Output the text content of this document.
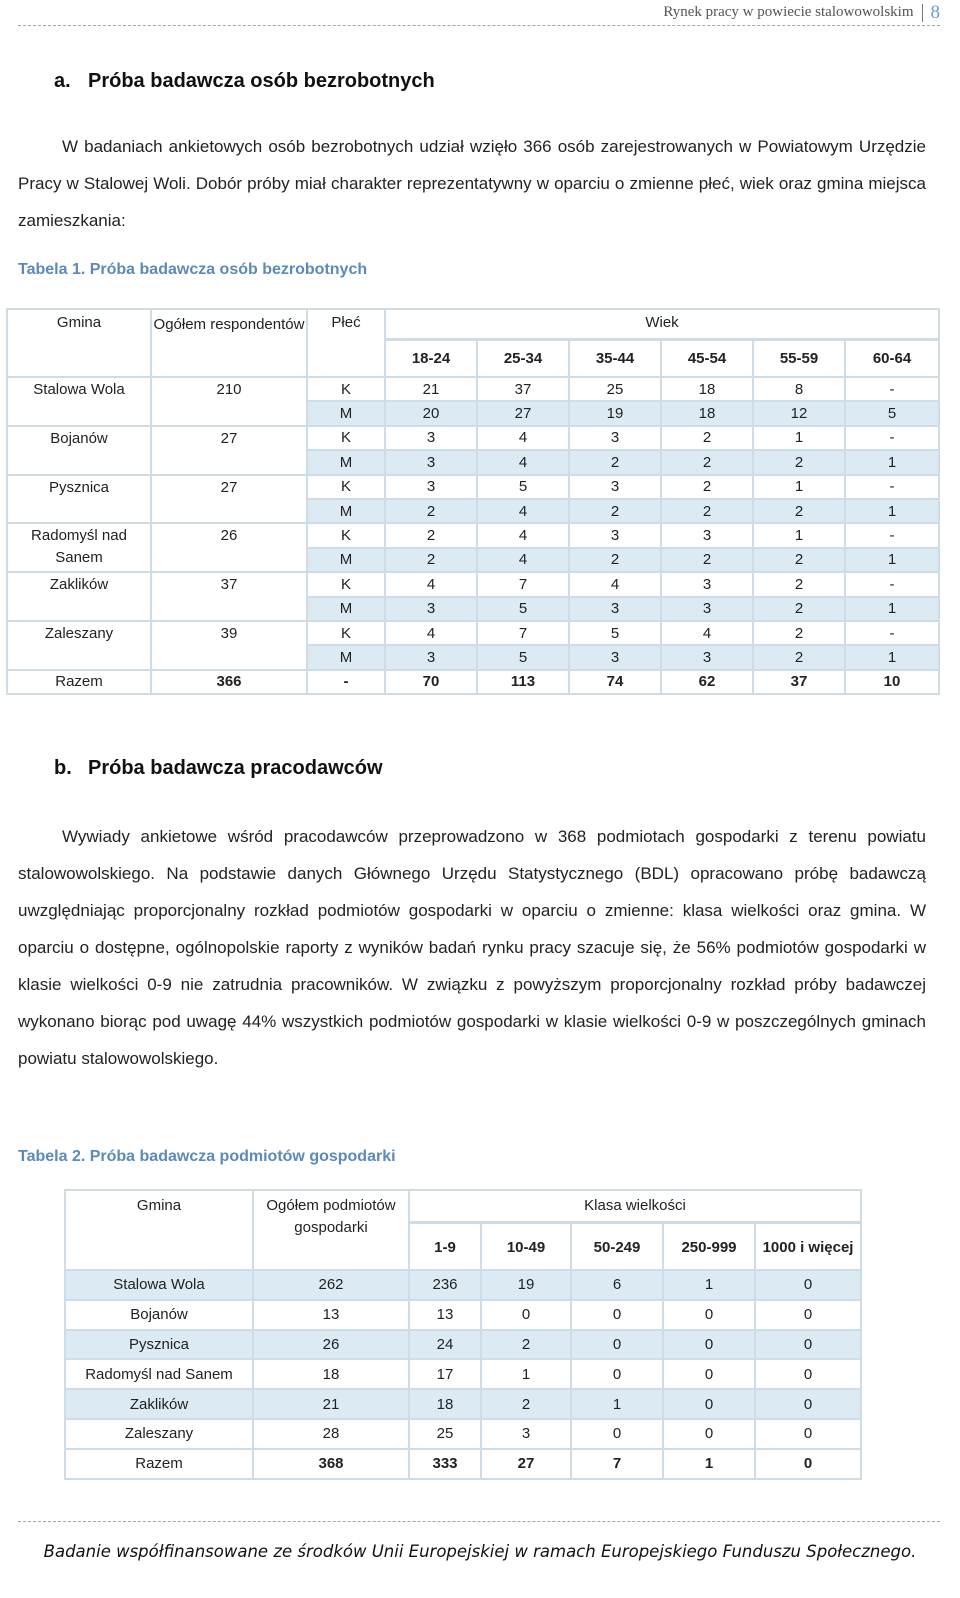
Rynek pracy w powiecie stalowowolskim 8
a. Próba badawcza osób bezrobotnych

W badaniach ankietowych osób bezrobotnych udział wzięło 366 osób zarejestrowanych w Powiatowym Urzędzie Pracy w Stalowej Woli. Dobór próby miał charakter reprezentatywny w oparciu o zmienne płeć, wiek oraz gmina miejsca zamieszkania:

Tabela 1. Próba badawcza osób bezrobotnych
Gmina	Ogółem respondentów	Płeć	Wiek					
			18-24	25-34	35-44	45-54	55-59	60-64
Stalowa Wola	210	K	21	37	25	18	8	-
		M	20	27	19	18	12	5
Bojanów	27	K	3	4	3	2	1	-
		M	3	4	2	2	2	1
Pysznica	27	K	3	5	3	2	1	-
		M	2	4	2	2	2	1
Radomyśl nad Sanem	26	K	2	4	3	3	1	-
		M	2	4	2	2	2	1
Zaklików	37	K	4	7	4	3	2	-
		M	3	5	3	3	2	1
Zaleszany	39	K	4	7	5	4	2	-
		M	3	5	3	3	2	1
Razem	366	-	70	113	74	62	37	10
b. Próba badawcza pracodawców

Wywiady ankietowe wśród pracodawców przeprowadzono w 368 podmiotach gospodarki z terenu powiatu stalowowolskiego. Na podstawie danych Głównego Urzędu Statystycznego (BDL) opracowano próbę badawczą uwzględniając proporcjonalny rozkład podmiotów gospodarki w oparciu o zmienne: klasa wielkości oraz gmina. W oparciu o dostępne, ogólnopolskie raporty z wyników badań rynku pracy szacuje się, że 56% podmiotów gospodarki w klasie wielkości 0-9 nie zatrudnia pracowników. W związku z powyższym proporcjonalny rozkład próby badawczej wykonano biorąc pod uwagę 44% wszystkich podmiotów gospodarki w klasie wielkości 0-9 w poszczególnych gminach powiatu stalowowolskiego.

Tabela 2. Próba badawcza podmiotów gospodarki
Gmina	Ogółem podmiotów gospodarki	Klasa wielkości				
		1-9	10-49	50-249	250-999	1000 i więcej
Stalowa Wola	262	236	19	6	1	0
Bojanów	13	13	0	0	0	0
Pysznica	26	24	2	0	0	0
Radomyśl nad Sanem	18	17	1	0	0	0
Zaklików	21	18	2	1	0	0
Zaleszany	28	25	3	0	0	0
Razem	368	333	27	7	1	0
Badanie współfinansowane ze środków Unii Europejskiej w ramach Europejskiego Funduszu Społecznego.
